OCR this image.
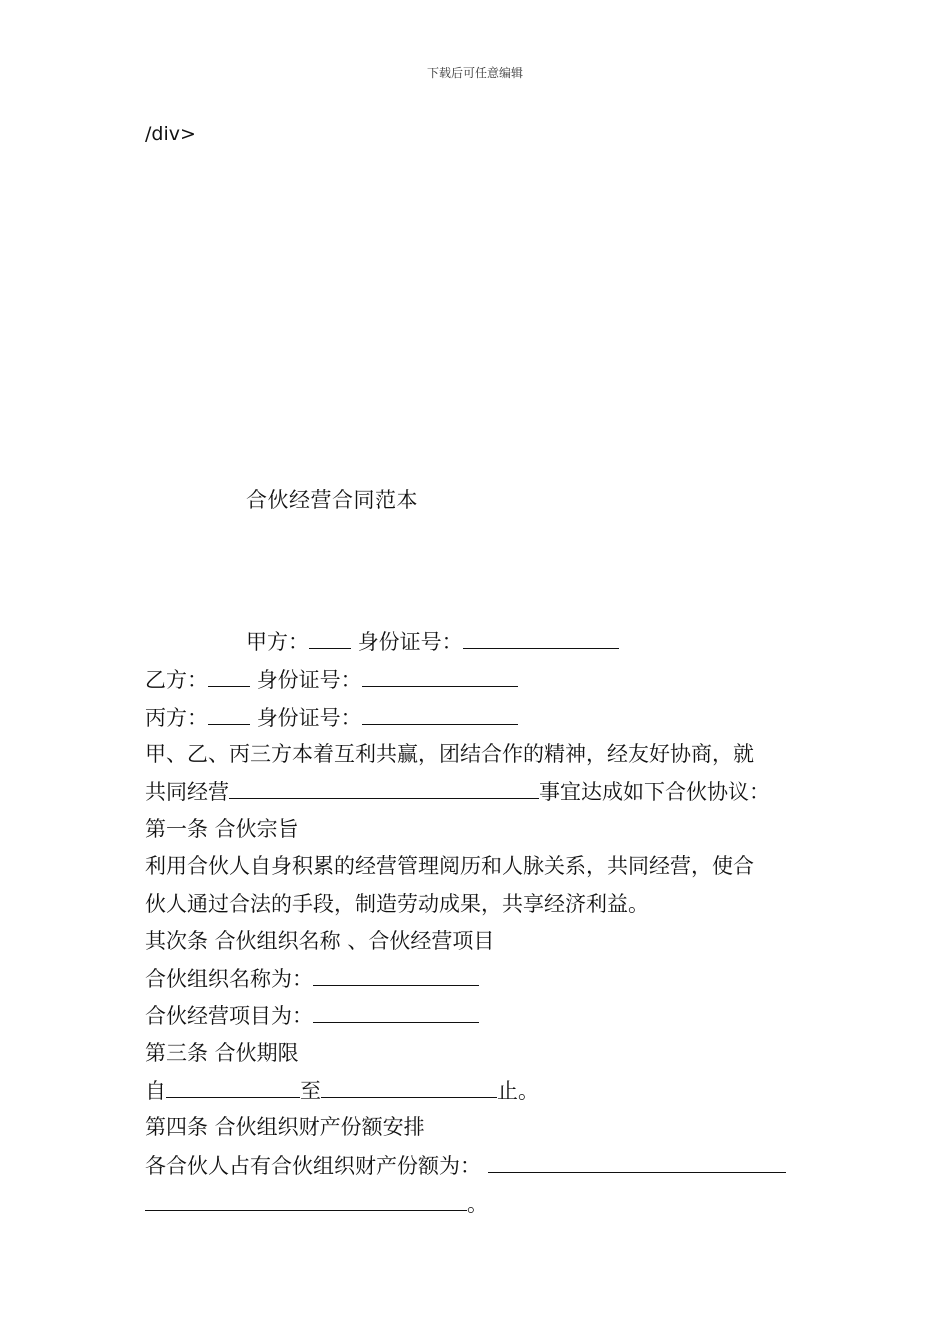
下载后可任意编辑
/div>
合伙经营合同范本
甲方： 身份证号：
乙方： 身份证号：
丙方： 身份证号：
甲、乙、丙三方本着互利共赢，团结合作的精神，经友好协商，就
共同经营	事宜达成如下合伙协议：
第一条 合伙宗旨
利用合伙人自身积累的经营管理阅历和人脉关系，共同经营，使合
伙人通过合法的手段，制造劳动成果，共享经济利益。
其次条 合伙组织名称 、合伙经营项目
合伙组织名称为：
合伙经营项目为：
第三条 合伙期限
自	至	止。
第四条 合伙组织财产份额安排
各合伙人占有合伙组织财产份额为：
。
